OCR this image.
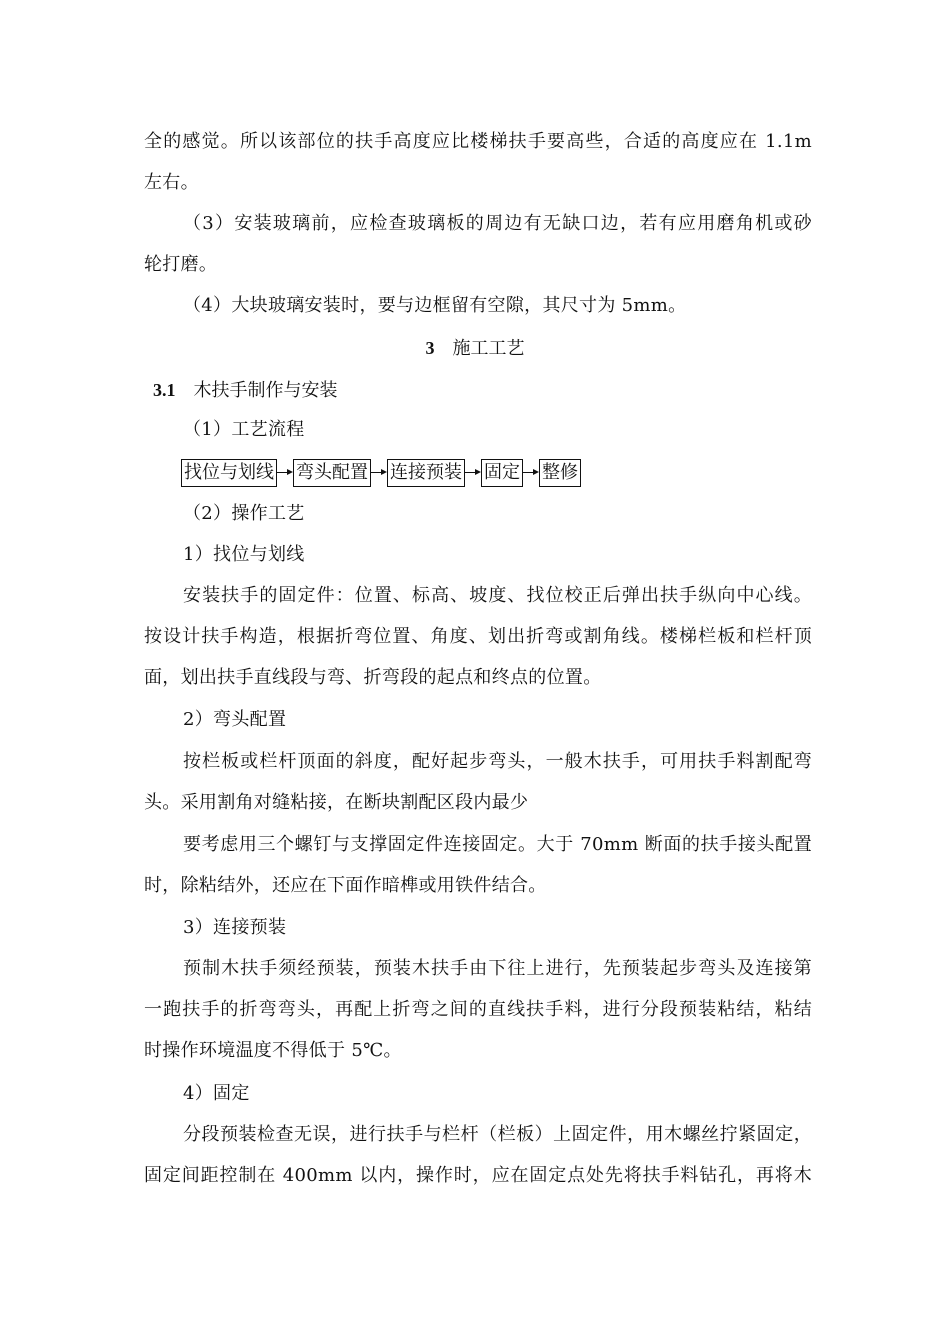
全的感觉。所以该部位的扶手高度应比楼梯扶手要高些，合适的高度应在 1.1m
左右。
（3）安装玻璃前，应检查玻璃板的周边有无缺口边，若有应用磨角机或砂
轮打磨。
（4）大块玻璃安装时，要与边框留有空隙，其尺寸为 5mm。
3 施工工艺
3.1 木扶手制作与安装
（1）工艺流程
找位与划线 弯头配置 连接预装 固定 整修
（2）操作工艺
1）找位与划线
安装扶手的固定件：位置、标高、坡度、找位校正后弹出扶手纵向中心线。
按设计扶手构造，根据折弯位置、角度、划出折弯或割角线。楼梯栏板和栏杆顶
面，划出扶手直线段与弯、折弯段的起点和终点的位置。
2）弯头配置
按栏板或栏杆顶面的斜度，配好起步弯头，一般木扶手，可用扶手料割配弯
头。采用割角对缝粘接，在断块割配区段内最少
要考虑用三个螺钉与支撑固定件连接固定。大于 70mm 断面的扶手接头配置
时，除粘结外，还应在下面作暗榫或用铁件结合。
3）连接预装
预制木扶手须经预装，预装木扶手由下往上进行，先预装起步弯头及连接第
一跑扶手的折弯弯头，再配上折弯之间的直线扶手料，进行分段预装粘结，粘结
时操作环境温度不得低于 5℃。
4）固定
分段预装检查无误，进行扶手与栏杆（栏板）上固定件，用木螺丝拧紧固定，
固定间距控制在 400mm 以内，操作时，应在固定点处先将扶手料钻孔，再将木
